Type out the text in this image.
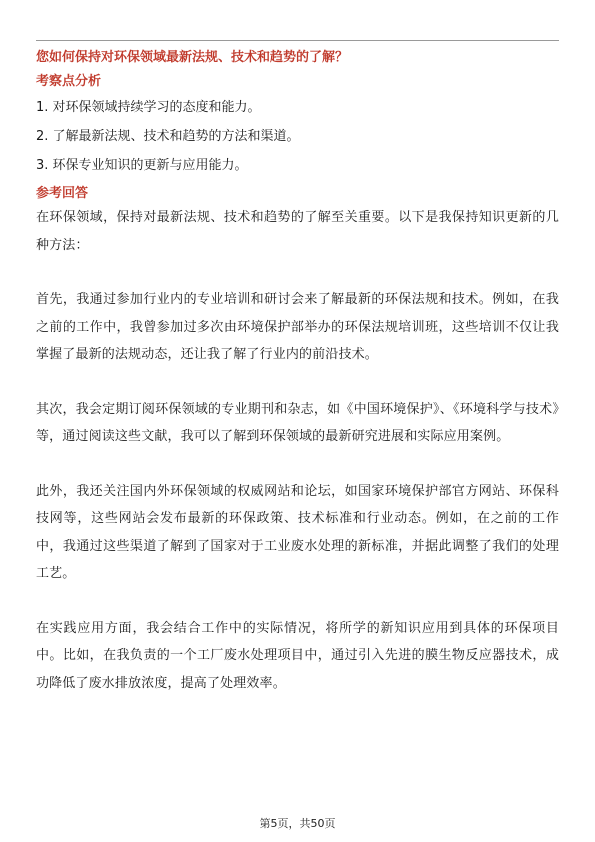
您如何保持对环保领域最新法规、技术和趋势的了解？

考察点分析

1. 对环保领域持续学习的态度和能力。

2. 了解最新法规、技术和趋势的方法和渠道。

3. 环保专业知识的更新与应用能力。

参考回答

在环保领域，保持对最新法规、技术和趋势的了解至关重要。以下是我保持知识更新的几种方法：

首先，我通过参加行业内的专业培训和研讨会来了解最新的环保法规和技术。例如，在我之前的工作中，我曾参加过多次由环境保护部举办的环保法规培训班，这些培训不仅让我掌握了最新的法规动态，还让我了解了行业内的前沿技术。

其次，我会定期订阅环保领域的专业期刊和杂志，如《中国环境保护》、《环境科学与技术》等，通过阅读这些文献，我可以了解到环保领域的最新研究进展和实际应用案例。

此外，我还关注国内外环保领域的权威网站和论坛，如国家环境保护部官方网站、环保科技网等，这些网站会发布最新的环保政策、技术标准和行业动态。例如，在之前的工作中，我通过这些渠道了解到了国家对于工业废水处理的新标准，并据此调整了我们的处理工艺。

在实践应用方面，我会结合工作中的实际情况，将所学的新知识应用到具体的环保项目中。比如，在我负责的一个工厂废水处理项目中，通过引入先进的膜生物反应器技术，成功降低了废水排放浓度，提高了处理效率。

第5页，共50页
